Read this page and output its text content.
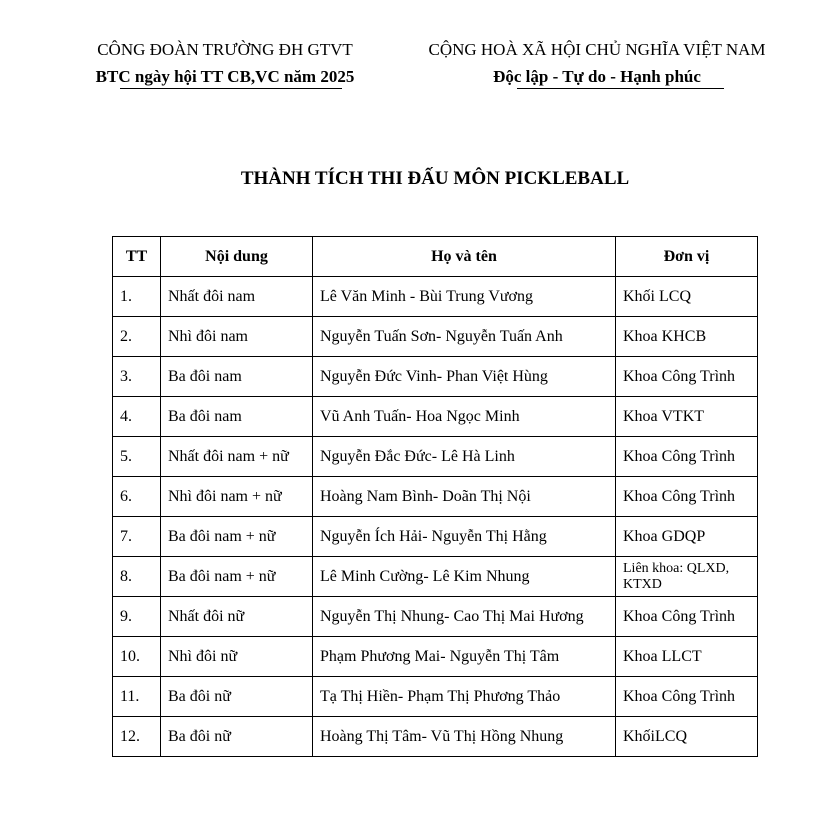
CÔNG ĐOÀN TRƯỜNG ĐH GTVT
BTC ngày hội TT CB,VC năm 2025
CỘNG HOÀ XÃ HỘI CHỦ NGHĨA VIỆT NAM
Độc lập - Tự do - Hạnh phúc
THÀNH TÍCH THI ĐẤU MÔN PICKLEBALL
TT	Nội dung	Họ và tên	Đơn vị
1.	Nhất đôi nam	Lê Văn Minh - Bùi Trung Vương	Khối LCQ
2.	Nhì đôi nam	Nguyễn Tuấn Sơn- Nguyễn Tuấn Anh	Khoa KHCB
3.	Ba đôi nam	Nguyễn Đức Vinh- Phan Việt Hùng	Khoa Công Trình
4.	Ba đôi nam	Vũ Anh Tuấn- Hoa Ngọc Minh	Khoa VTKT
5.	Nhất đôi nam + nữ	Nguyễn Đắc Đức- Lê Hà Linh	Khoa Công Trình
6.	Nhì đôi nam + nữ	Hoàng Nam Bình- Doãn Thị Nội	Khoa Công Trình
7.	Ba đôi nam + nữ	Nguyễn Ích Hải- Nguyễn Thị Hằng	Khoa GDQP
8.	Ba đôi nam + nữ	Lê Minh Cường- Lê Kim Nhung	Liên khoa: QLXD, KTXD
9.	Nhất đôi nữ	Nguyễn Thị Nhung- Cao Thị Mai Hương	Khoa Công Trình
10.	Nhì đôi nữ	Phạm Phương Mai- Nguyễn Thị Tâm	Khoa LLCT
11.	Ba đôi nữ	Tạ Thị Hiền- Phạm Thị Phương Thảo	Khoa Công Trình
12.	Ba đôi nữ	Hoàng Thị Tâm- Vũ Thị Hồng Nhung	KhốiLCQ
